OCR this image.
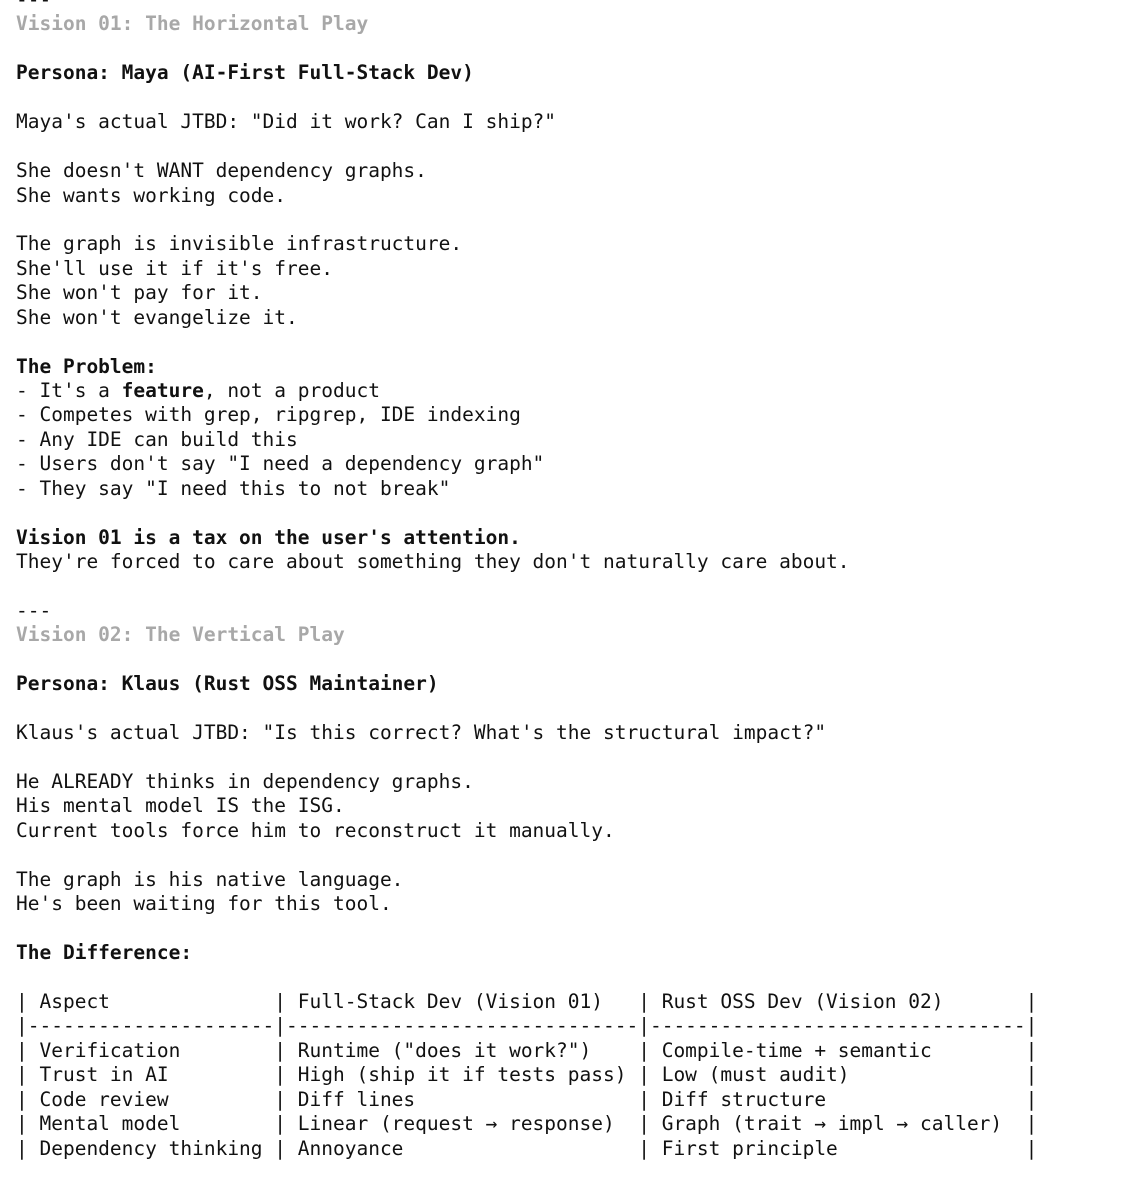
Vision 01: The Horizontal Play
Persona: Maya (AI-First Full-Stack Dev)
Maya's actual JTBD: "Did it work? Can I ship?"
She doesn't WANT dependency graphs.
She wants working code.
The graph is invisible infrastructure.
She'll use it if it's free.
She won't pay for it.
She won't evangelize it.
The Problem:
- It's a feature, not a product
- Competes with grep, ripgrep, IDE indexing
- Any IDE can build this
- Users don't say "I need a dependency graph"
- They say "I need this to not break"
Vision 01 is a tax on the user's attention.
They're forced to care about something they don't naturally care about.
---
Vision 02: The Vertical Play
Persona: Klaus (Rust OSS Maintainer)
Klaus's actual JTBD: "Is this correct? What's the structural impact?"
He ALREADY thinks in dependency graphs.
His mental model IS the ISG.
Current tools force him to reconstruct it manually.
The graph is his native language.
He's been waiting for this tool.
The Difference:
| Aspect              | Full-Stack Dev (Vision 01)   | Rust OSS Dev (Vision 02)       |
|---------------------|------------------------------|--------------------------------|
| Verification        | Runtime ("does it work?")    | Compile-time + semantic        |
| Trust in AI         | High (ship it if tests pass) | Low (must audit)               |
| Code review         | Diff lines                   | Diff structure                 |
| Mental model        | Linear (request → response)  | Graph (trait → impl → caller)  |
| Dependency thinking | Annoyance                    | First principle                |
